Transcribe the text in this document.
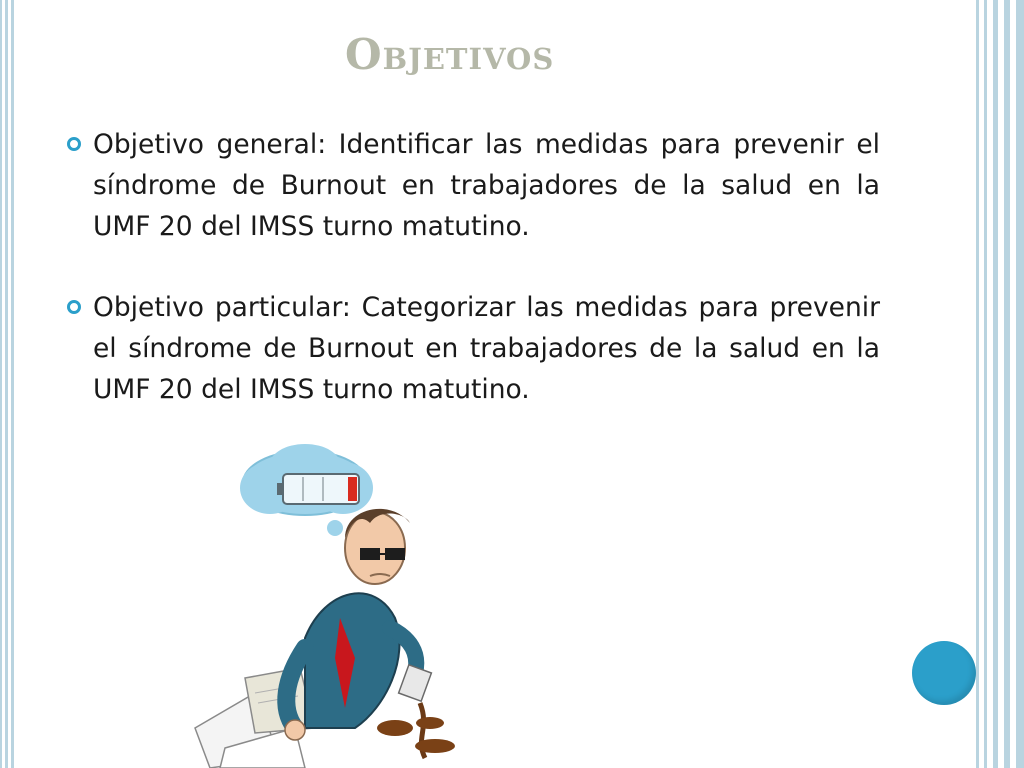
Objetivos
Objetivo general: Identificar las medidas para prevenir el síndrome de Burnout en trabajadores de la salud en la UMF 20 del IMSS turno matutino.
Objetivo particular: Categorizar las medidas para prevenir el síndrome de Burnout en trabajadores de la salud en la UMF 20 del IMSS turno matutino.
